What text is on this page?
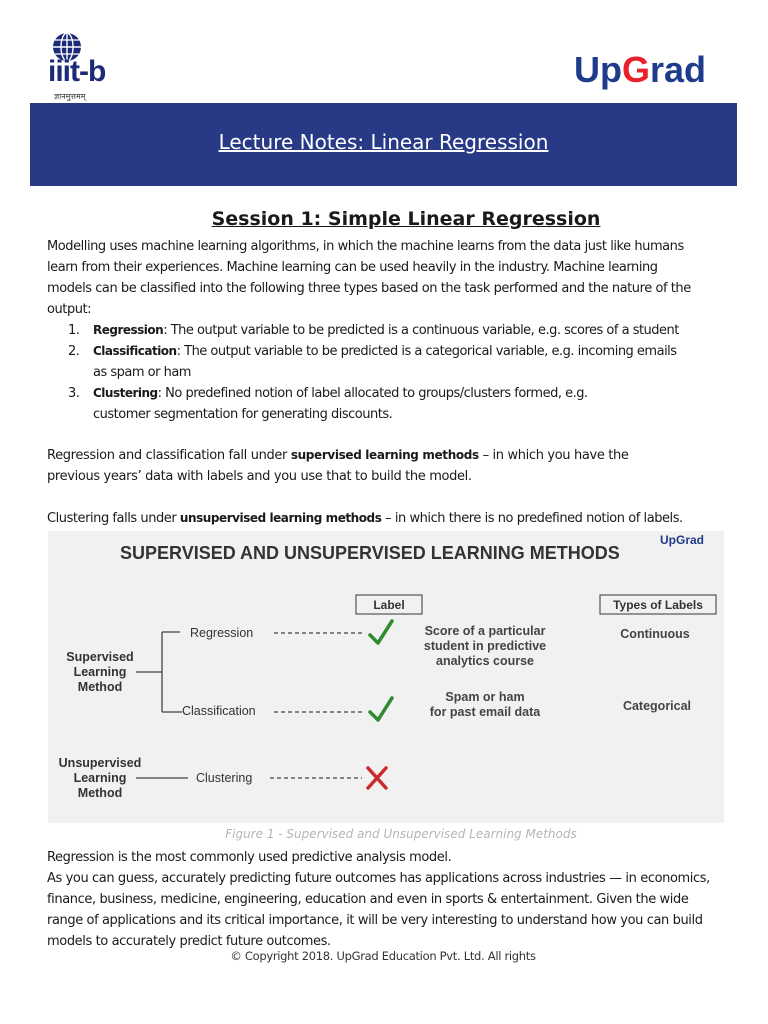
iiit-b
ज्ञानमुत्तमम्
UpGrad
Lecture Notes: Linear Regression
Session 1: Simple Linear Regression
Modelling uses machine learning algorithms, in which the machine learns from the data just like humans
learn from their experiences. Machine learning can be used heavily in the industry. Machine learning
models can be classified into the following three types based on the task performed and the nature of the
output:
1. Regression: The output variable to be predicted is a continuous variable, e.g. scores of a student
2. Classification: The output variable to be predicted is a categorical variable, e.g. incoming emails
as spam or ham
3. Clustering: No predefined notion of label allocated to groups/clusters formed, e.g.
customer segmentation for generating discounts.
Regression and classification fall under supervised learning methods – in which you have the
previous years’ data with labels and you use that to build the model.
Clustering falls under unsupervised learning methods – in which there is no predefined notion of labels.
SUPERVISED AND UNSUPERVISED LEARNING METHODS
UpGrad
Label	Types of Labels
Supervised
Learning
Method
Regression
Classification
Score of a particular
student in predictive
analytics course
Spam or ham
for past email data
Continuous
Categorical
Unsupervised
Learning
Method
Clustering
Figure 1 - Supervised and Unsupervised Learning Methods
Regression is the most commonly used predictive analysis model.
As you can guess, accurately predicting future outcomes has applications across industries — in economics,
finance, business, medicine, engineering, education and even in sports & entertainment. Given the wide
range of applications and its critical importance, it will be very interesting to understand how you can build
models to accurately predict future outcomes.
© Copyright 2018. UpGrad Education Pvt. Ltd. All rights
